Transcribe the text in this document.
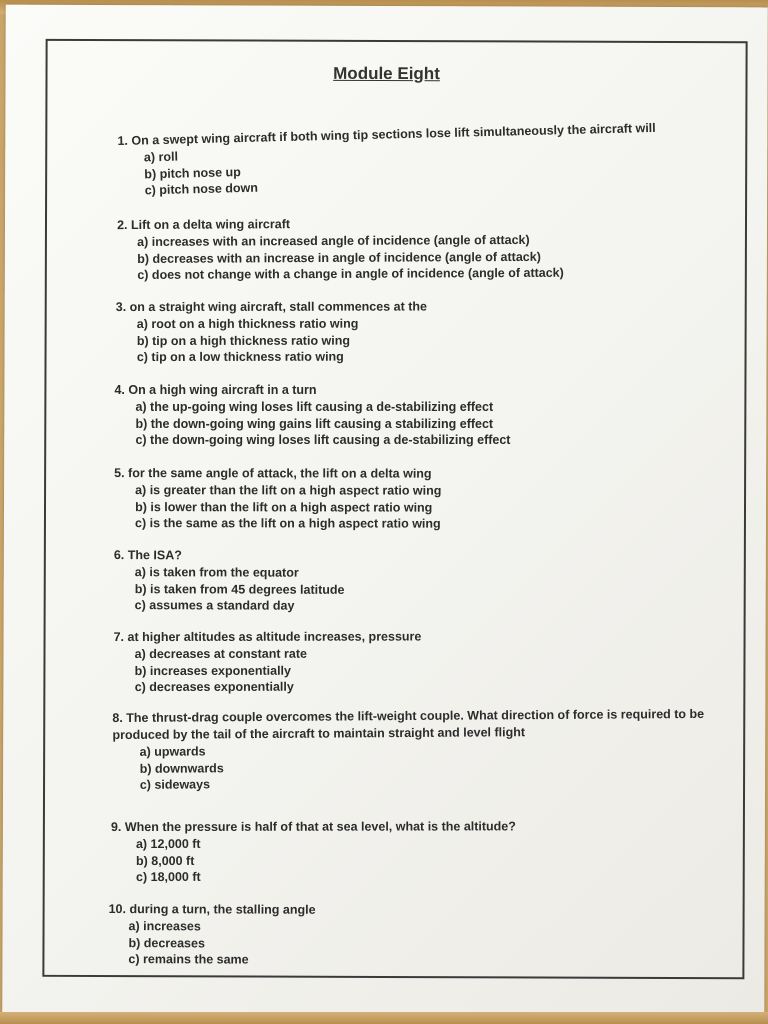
Module Eight
1. On a swept wing aircraft if both wing tip sections lose lift simultaneously the aircraft will
a) roll
b) pitch nose up
c) pitch nose down
2. Lift on a delta wing aircraft
a) increases with an increased angle of incidence (angle of attack)
b) decreases with an increase in angle of incidence (angle of attack)
c) does not change with a change in angle of incidence (angle of attack)
3. on a straight wing aircraft, stall commences at the
a) root on a high thickness ratio wing
b) tip on a high thickness ratio wing
c) tip on a low thickness ratio wing
4. On a high wing aircraft in a turn
a) the up-going wing loses lift causing a de-stabilizing effect
b) the down-going wing gains lift causing a stabilizing effect
c) the down-going wing loses lift causing a de-stabilizing effect
5. for the same angle of attack, the lift on a delta wing
a) is greater than the lift on a high aspect ratio wing
b) is lower than the lift on a high aspect ratio wing
c) is the same as the lift on a high aspect ratio wing
6. The ISA?
a) is taken from the equator
b) is taken from 45 degrees latitude
c) assumes a standard day
7. at higher altitudes as altitude increases, pressure
a) decreases at constant rate
b) increases exponentially
c) decreases exponentially
8. The thrust-drag couple overcomes the lift-weight couple. What direction of force is required to be produced by the tail of the aircraft to maintain straight and level flight
a) upwards
b) downwards
c) sideways
9. When the pressure is half of that at sea level, what is the altitude?
a) 12,000 ft
b) 8,000 ft
c) 18,000 ft
10. during a turn, the stalling angle
a) increases
b) decreases
c) remains the same
